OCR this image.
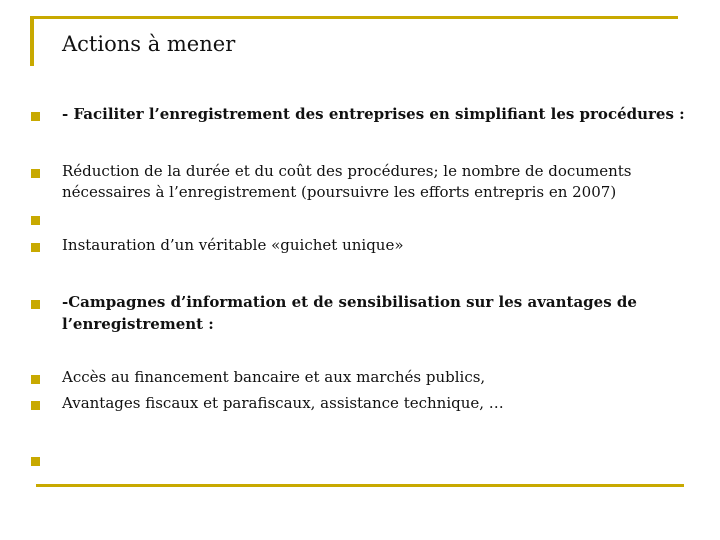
Actions à mener
- Faciliter l’enregistrement des entreprises en simplifiant les procédures :
Réduction de la durée et du coût des procédures; le nombre de documents
nécessaires à l’enregistrement (poursuivre les efforts entrepris en 2007)
Instauration d’un véritable «guichet unique»
-Campagnes d’information et de sensibilisation sur les avantages de
l’enregistrement :
Accès au financement bancaire et aux marchés publics,
Avantages fiscaux et parafiscaux, assistance technique, …
